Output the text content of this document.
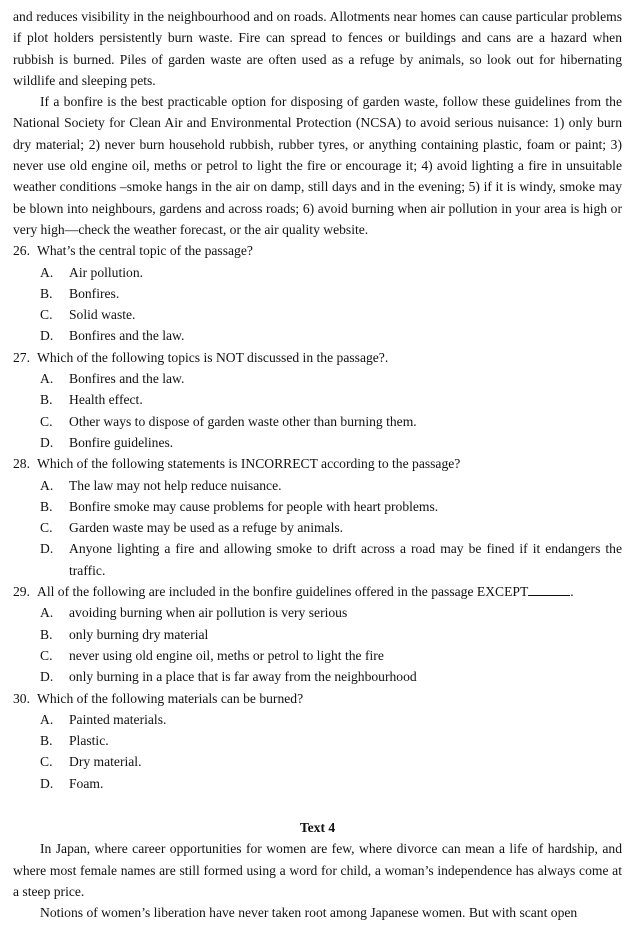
and reduces visibility in the neighbourhood and on roads. Allotments near homes can cause particular problems if plot holders persistently burn waste. Fire can spread to fences or buildings and cans are a hazard when rubbish is burned. Piles of garden waste are often used as a refuge by animals, so look out for hibernating wildlife and sleeping pets.

If a bonfire is the best practicable option for disposing of garden waste, follow these guidelines from the National Society for Clean Air and Environmental Protection (NCSA) to avoid serious nuisance: 1) only burn dry material; 2) never burn household rubbish, rubber tyres, or anything containing plastic, foam or paint; 3) never use old engine oil, meths or petrol to light the fire or encourage it; 4) avoid lighting a fire in unsuitable weather conditions –smoke hangs in the air on damp, still days and in the evening; 5) if it is windy, smoke may be blown into neighbours, gardens and across roads; 6) avoid burning when air pollution in your area is high or very high—check the weather forecast, or the air quality website.

26. What’s the central topic of the passage?
A.	Air pollution.
B.	Bonfires.
C.	Solid waste.
D.	Bonfires and the law.
27. Which of the following topics is NOT discussed in the passage?.
A.	Bonfires and the law.
B.	Health effect.
C.	Other ways to dispose of garden waste other than burning them.
D.	Bonfire guidelines.
28. Which of the following statements is INCORRECT according to the passage?
A.	The law may not help reduce nuisance.
B.	Bonfire smoke may cause problems for people with heart problems.
C.	Garden waste may be used as a refuge by animals.
D.	Anyone lighting a fire and allowing smoke to drift across a road may be fined if it endangers the traffic.
29. All of the following are included in the bonfire guidelines offered in the passage EXCEPT	.
A.	avoiding burning when air pollution is very serious
B.	only burning dry material
C.	never using old engine oil, meths or petrol to light the fire
D.	only burning in a place that is far away from the neighbourhood
30. Which of the following materials can be burned?
A.	Painted materials.
B.	Plastic.
C.	Dry material.
D.	Foam.
Text 4

In Japan, where career opportunities for women are few, where divorce can mean a life of hardship, and where most female names are still formed using a word for child, a woman’s independence has always come at a steep price.

Notions of women’s liberation have never taken root among Japanese women. But with scant open
